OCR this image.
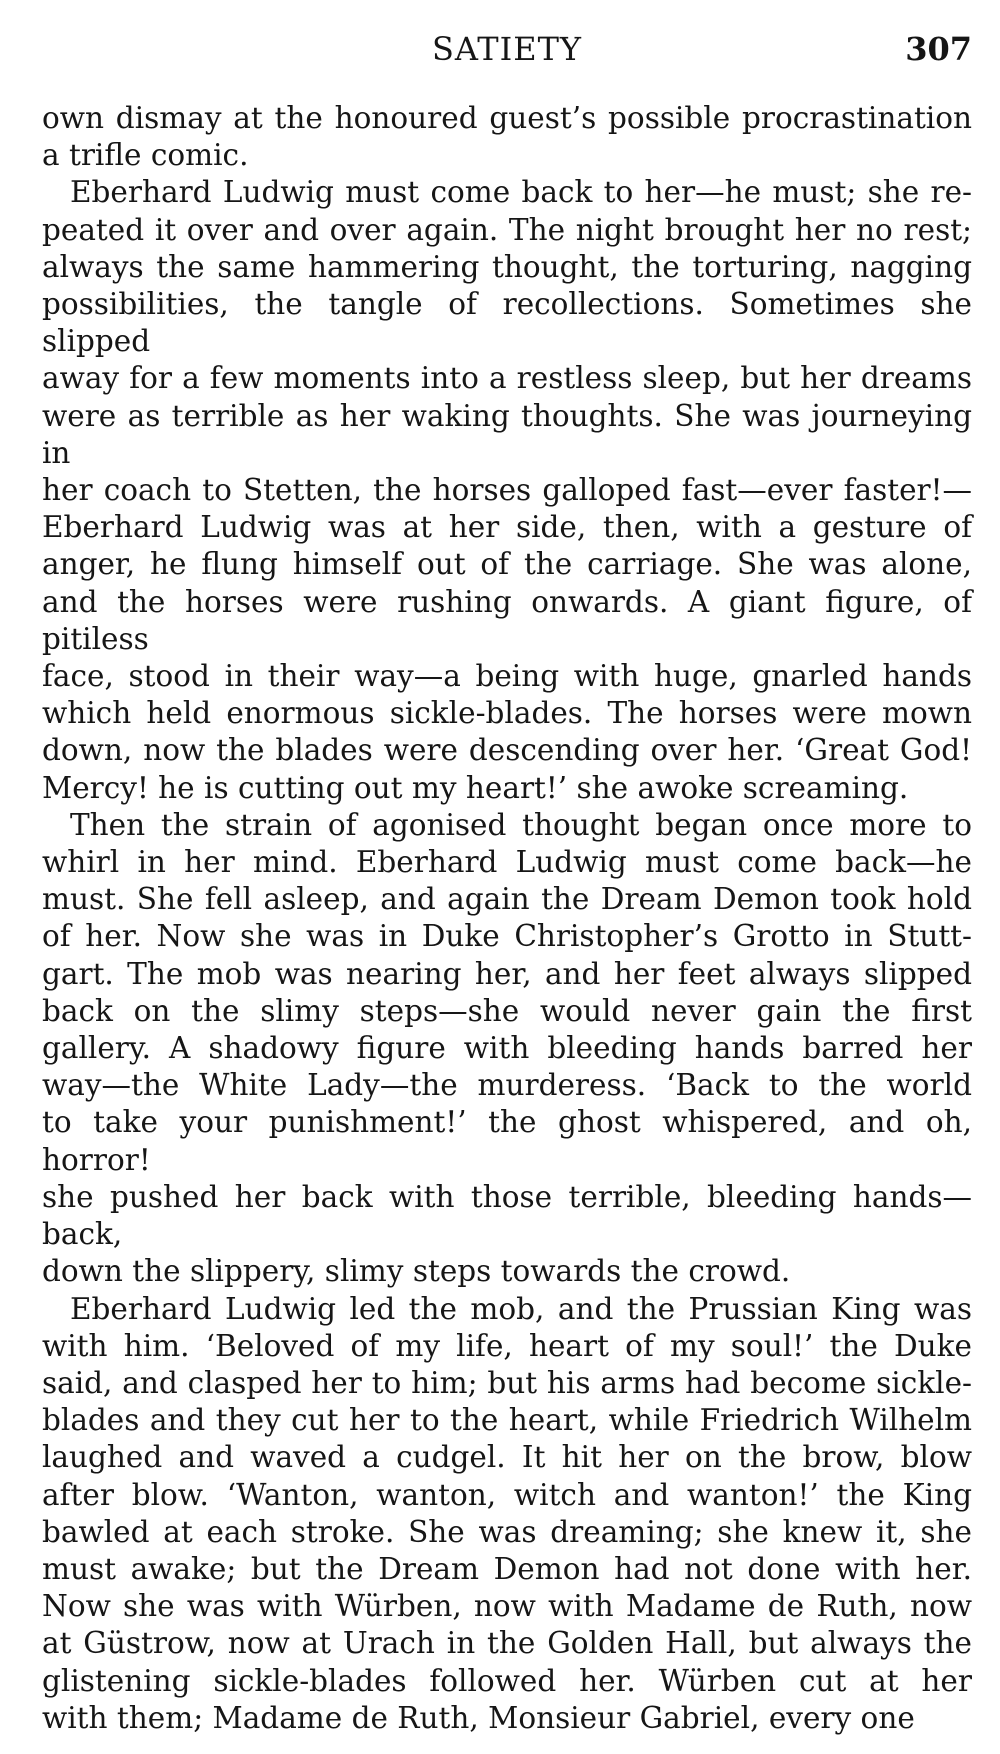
SATIETY	307

own dismay at the honoured guest’s possible procrastination

a trifle comic.

Eberhard Ludwig must come back to her—he must; she re-

peated it over and over again. The night brought her no rest;

always the same hammering thought, the torturing, nagging

possibilities, the tangle of recollections. Sometimes she slipped

away for a few moments into a restless sleep, but her dreams

were as terrible as her waking thoughts. She was journeying in

her coach to Stetten, the horses galloped fast—ever faster!—

Eberhard Ludwig was at her side, then, with a gesture of

anger, he flung himself out of the carriage. She was alone,

and the horses were rushing onwards. A giant figure, of pitiless

face, stood in their way—a being with huge, gnarled hands

which held enormous sickle-blades. The horses were mown

down, now the blades were descending over her. ‘Great God!

Mercy! he is cutting out my heart!’ she awoke screaming.

Then the strain of agonised thought began once more to

whirl in her mind. Eberhard Ludwig must come back—he

must. She fell asleep, and again the Dream Demon took hold

of her. Now she was in Duke Christopher’s Grotto in Stutt-

gart. The mob was nearing her, and her feet always slipped

back on the slimy steps—she would never gain the first

gallery. A shadowy figure with bleeding hands barred her

way—the White Lady—the murderess. ‘Back to the world

to take your punishment!’ the ghost whispered, and oh, horror!

she pushed her back with those terrible, bleeding hands—back,

down the slippery, slimy steps towards the crowd.

Eberhard Ludwig led the mob, and the Prussian King was

with him. ‘Beloved of my life, heart of my soul!’ the Duke

said, and clasped her to him; but his arms had become sickle-

blades and they cut her to the heart, while Friedrich Wilhelm

laughed and waved a cudgel. It hit her on the brow, blow

after blow. ‘Wanton, wanton, witch and wanton!’ the King

bawled at each stroke. She was dreaming; she knew it, she

must awake; but the Dream Demon had not done with her.

Now she was with Würben, now with Madame de Ruth, now

at Güstrow, now at Urach in the Golden Hall, but always the

glistening sickle-blades followed her. Würben cut at her

with them; Madame de Ruth, Monsieur Gabriel, every one
